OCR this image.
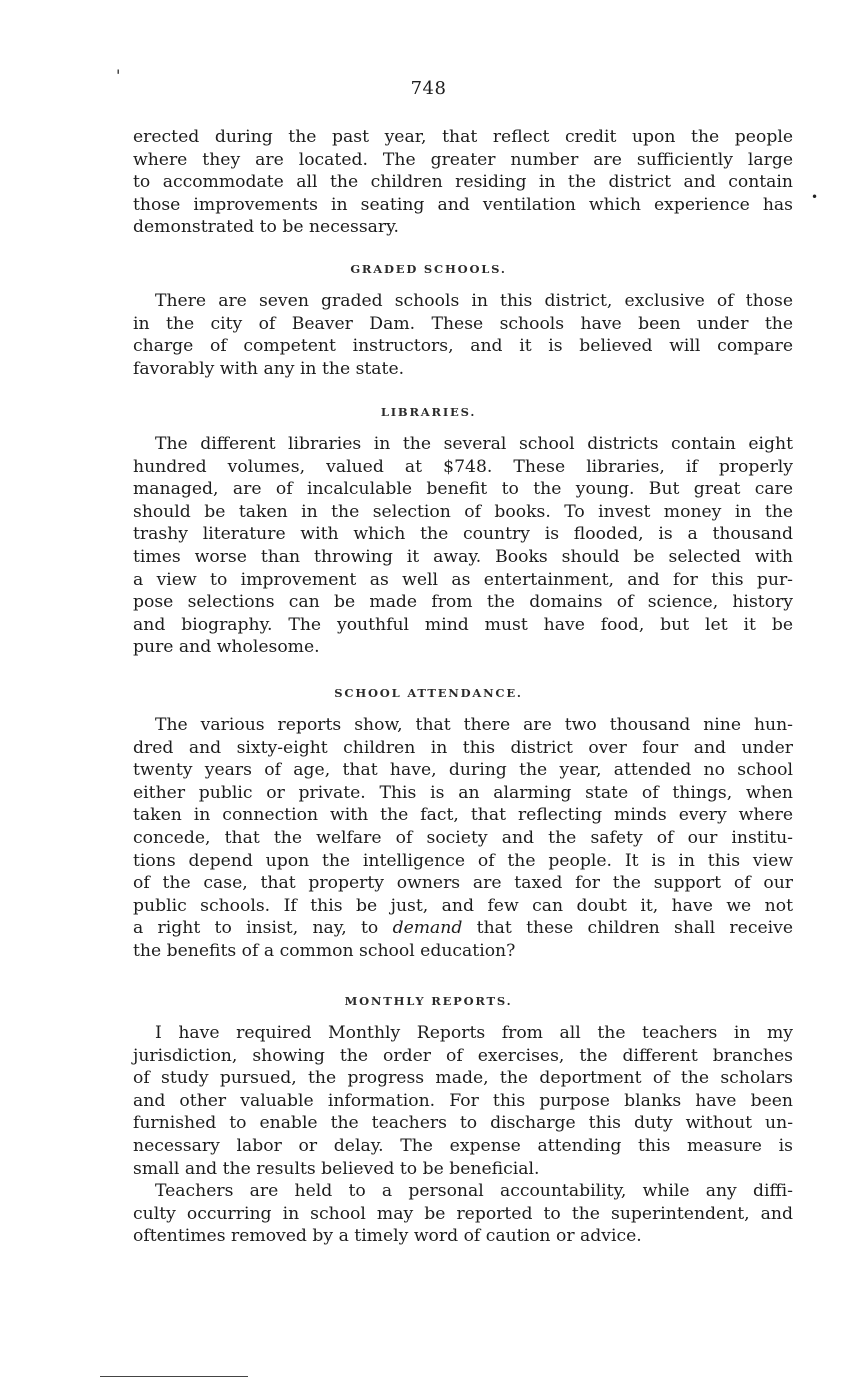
'
•
748
erected during the past year, that reflect credit upon the people
where they are located. The greater number are sufficiently large
to accommodate all the children residing in the district and contain
those improvements in seating and ventilation which experience has
demonstrated to be necessary.
GRADED SCHOOLS.
There are seven graded schools in this district, exclusive of those
in the city of Beaver Dam. These schools have been under the
charge of competent instructors, and it is believed will compare
favorably with any in the state.
LIBRARIES.
The different libraries in the several school districts contain eight
hundred volumes, valued at $748. These libraries, if properly
managed, are of incalculable benefit to the young. But great care
should be taken in the selection of books. To invest money in the
trashy literature with which the country is flooded, is a thousand
times worse than throwing it away. Books should be selected with
a view to improvement as well as entertainment, and for this pur-
pose selections can be made from the domains of science, history
and biography. The youthful mind must have food, but let it be
pure and wholesome.
SCHOOL ATTENDANCE.
The various reports show, that there are two thousand nine hun-
dred and sixty-eight children in this district over four and under
twenty years of age, that have, during the year, attended no school
either public or private. This is an alarming state of things, when
taken in connection with the fact, that reflecting minds every where
concede, that the welfare of society and the safety of our institu-
tions depend upon the intelligence of the people. It is in this view
of the case, that property owners are taxed for the support of our
public schools. If this be just, and few can doubt it, have we not
a right to insist, nay, to demand that these children shall receive
the benefits of a common school education?
MONTHLY REPORTS.
I have required Monthly Reports from all the teachers in my
jurisdiction, showing the order of exercises, the different branches
of study pursued, the progress made, the deportment of the scholars
and other valuable information. For this purpose blanks have been
furnished to enable the teachers to discharge this duty without un-
necessary labor or delay. The expense attending this measure is
small and the results believed to be beneficial.
Teachers are held to a personal accountability, while any diffi-
culty occurring in school may be reported to the superintendent, and
oftentimes removed by a timely word of caution or advice.
